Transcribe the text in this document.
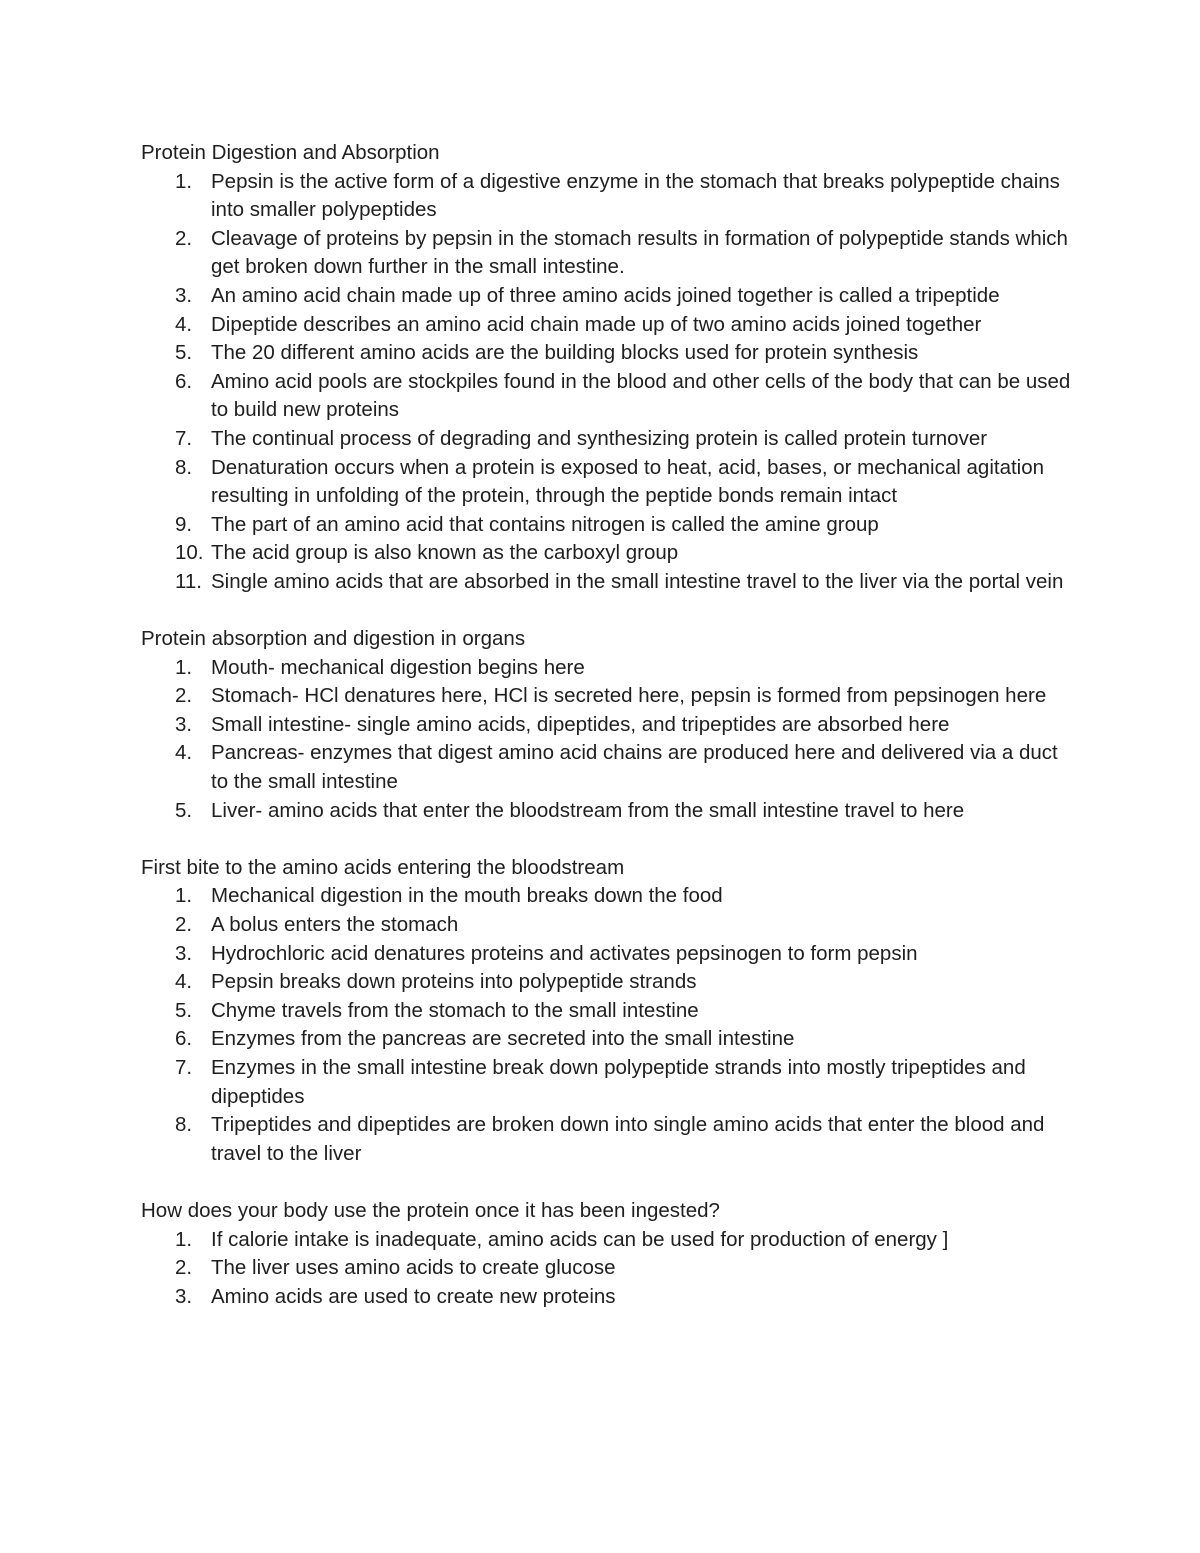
Protein Digestion and Absorption
1. Pepsin is the active form of a digestive enzyme in the stomach that breaks polypeptide chains into smaller polypeptides
2. Cleavage of proteins by pepsin in the stomach results in formation of polypeptide stands which get broken down further in the small intestine.
3. An amino acid chain made up of three amino acids joined together is called a tripeptide
4. Dipeptide describes an amino acid chain made up of two amino acids joined together
5. The 20 different amino acids are the building blocks used for protein synthesis
6. Amino acid pools are stockpiles found in the blood and other cells of the body that can be used to build new proteins
7. The continual process of degrading and synthesizing protein is called protein turnover
8. Denaturation occurs when a protein is exposed to heat, acid, bases, or mechanical agitation resulting in unfolding of the protein, through the peptide bonds remain intact
9. The part of an amino acid that contains nitrogen is called the amine group
10. The acid group is also known as the carboxyl group
11. Single amino acids that are absorbed in the small intestine travel to the liver via the portal vein
Protein absorption and digestion in organs
1. Mouth- mechanical digestion begins here
2. Stomach- HCl denatures here, HCl is secreted here, pepsin is formed from pepsinogen here
3. Small intestine- single amino acids, dipeptides, and tripeptides are absorbed here
4. Pancreas- enzymes that digest amino acid chains are produced here and delivered via a duct to the small intestine
5. Liver- amino acids that enter the bloodstream from the small intestine travel to here
First bite to the amino acids entering the bloodstream
1. Mechanical digestion in the mouth breaks down the food
2. A bolus enters the stomach
3. Hydrochloric acid denatures proteins and activates pepsinogen to form pepsin
4. Pepsin breaks down proteins into polypeptide strands
5. Chyme travels from the stomach to the small intestine
6. Enzymes from the pancreas are secreted into the small intestine
7. Enzymes in the small intestine break down polypeptide strands into mostly tripeptides and dipeptides
8. Tripeptides and dipeptides are broken down into single amino acids that enter the blood and travel to the liver
How does your body use the protein once it has been ingested?
1. If calorie intake is inadequate, amino acids can be used for production of energy ]
2. The liver uses amino acids to create glucose
3. Amino acids are used to create new proteins
